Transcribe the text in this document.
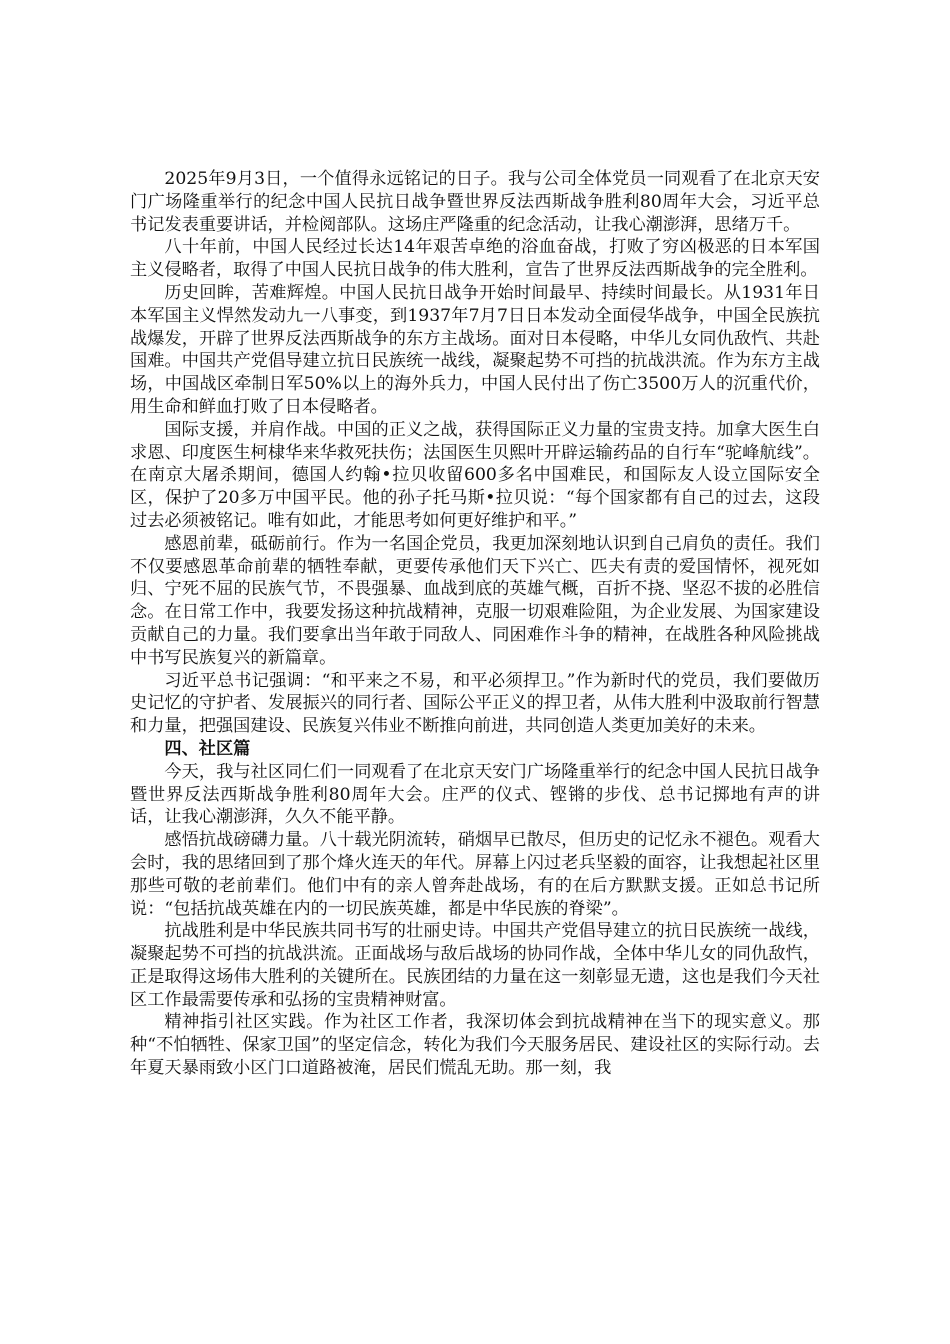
2025年9月3日，一个值得永远铭记的日子。我与公司全体党员一同观看了在北京天安门广场隆重举行的纪念中国人民抗日战争暨世界反法西斯战争胜利80周年大会，习近平总书记发表重要讲话，并检阅部队。这场庄严隆重的纪念活动，让我心潮澎湃，思绪万千。

八十年前，中国人民经过长达14年艰苦卓绝的浴血奋战，打败了穷凶极恶的日本军国主义侵略者，取得了中国人民抗日战争的伟大胜利，宣告了世界反法西斯战争的完全胜利。

历史回眸，苦难辉煌。中国人民抗日战争开始时间最早、持续时间最长。从1931年日本军国主义悍然发动九一八事变，到1937年7月7日日本发动全面侵华战争，中国全民族抗战爆发，开辟了世界反法西斯战争的东方主战场。面对日本侵略，中华儿女同仇敌忾、共赴国难。中国共产党倡导建立抗日民族统一战线，凝聚起势不可挡的抗战洪流。作为东方主战场，中国战区牵制日军50%以上的海外兵力，中国人民付出了伤亡3500万人的沉重代价，用生命和鲜血打败了日本侵略者。

国际支援，并肩作战。中国的正义之战，获得国际正义力量的宝贵支持。加拿大医生白求恩、印度医生柯棣华来华救死扶伤；法国医生贝熙叶开辟运输药品的自行车“驼峰航线”。在南京大屠杀期间，德国人约翰•拉贝收留600多名中国难民，和国际友人设立国际安全区，保护了20多万中国平民。他的孙子托马斯•拉贝说：“每个国家都有自己的过去，这段过去必须被铭记。唯有如此，才能思考如何更好维护和平。”

感恩前辈，砥砺前行。作为一名国企党员，我更加深刻地认识到自己肩负的责任。我们不仅要感恩革命前辈的牺牲奉献，更要传承他们天下兴亡、匹夫有责的爱国情怀，视死如归、宁死不屈的民族气节，不畏强暴、血战到底的英雄气概，百折不挠、坚忍不拔的必胜信念。在日常工作中，我要发扬这种抗战精神，克服一切艰难险阻，为企业发展、为国家建设贡献自己的力量。我们要拿出当年敢于同敌人、同困难作斗争的精神，在战胜各种风险挑战中书写民族复兴的新篇章。

习近平总书记强调：“和平来之不易，和平必须捍卫。”作为新时代的党员，我们要做历史记忆的守护者、发展振兴的同行者、国际公平正义的捍卫者，从伟大胜利中汲取前行智慧和力量，把强国建设、民族复兴伟业不断推向前进，共同创造人类更加美好的未来。

四、社区篇

今天，我与社区同仁们一同观看了在北京天安门广场隆重举行的纪念中国人民抗日战争暨世界反法西斯战争胜利80周年大会。庄严的仪式、铿锵的步伐、总书记掷地有声的讲话，让我心潮澎湃，久久不能平静。

感悟抗战磅礴力量。八十载光阴流转，硝烟早已散尽，但历史的记忆永不褪色。观看大会时，我的思绪回到了那个烽火连天的年代。屏幕上闪过老兵坚毅的面容，让我想起社区里那些可敬的老前辈们。他们中有的亲人曾奔赴战场，有的在后方默默支援。正如总书记所说：“包括抗战英雄在内的一切民族英雄，都是中华民族的脊梁”。

抗战胜利是中华民族共同书写的壮丽史诗。中国共产党倡导建立的抗日民族统一战线，凝聚起势不可挡的抗战洪流。正面战场与敌后战场的协同作战，全体中华儿女的同仇敌忾，正是取得这场伟大胜利的关键所在。民族团结的力量在这一刻彰显无遗，这也是我们今天社区工作最需要传承和弘扬的宝贵精神财富。

精神指引社区实践。作为社区工作者，我深切体会到抗战精神在当下的现实意义。那种“不怕牺牲、保家卫国”的坚定信念，转化为我们今天服务居民、建设社区的实际行动。去年夏天暴雨致小区门口道路被淹，居民们慌乱无助。那一刻，我
